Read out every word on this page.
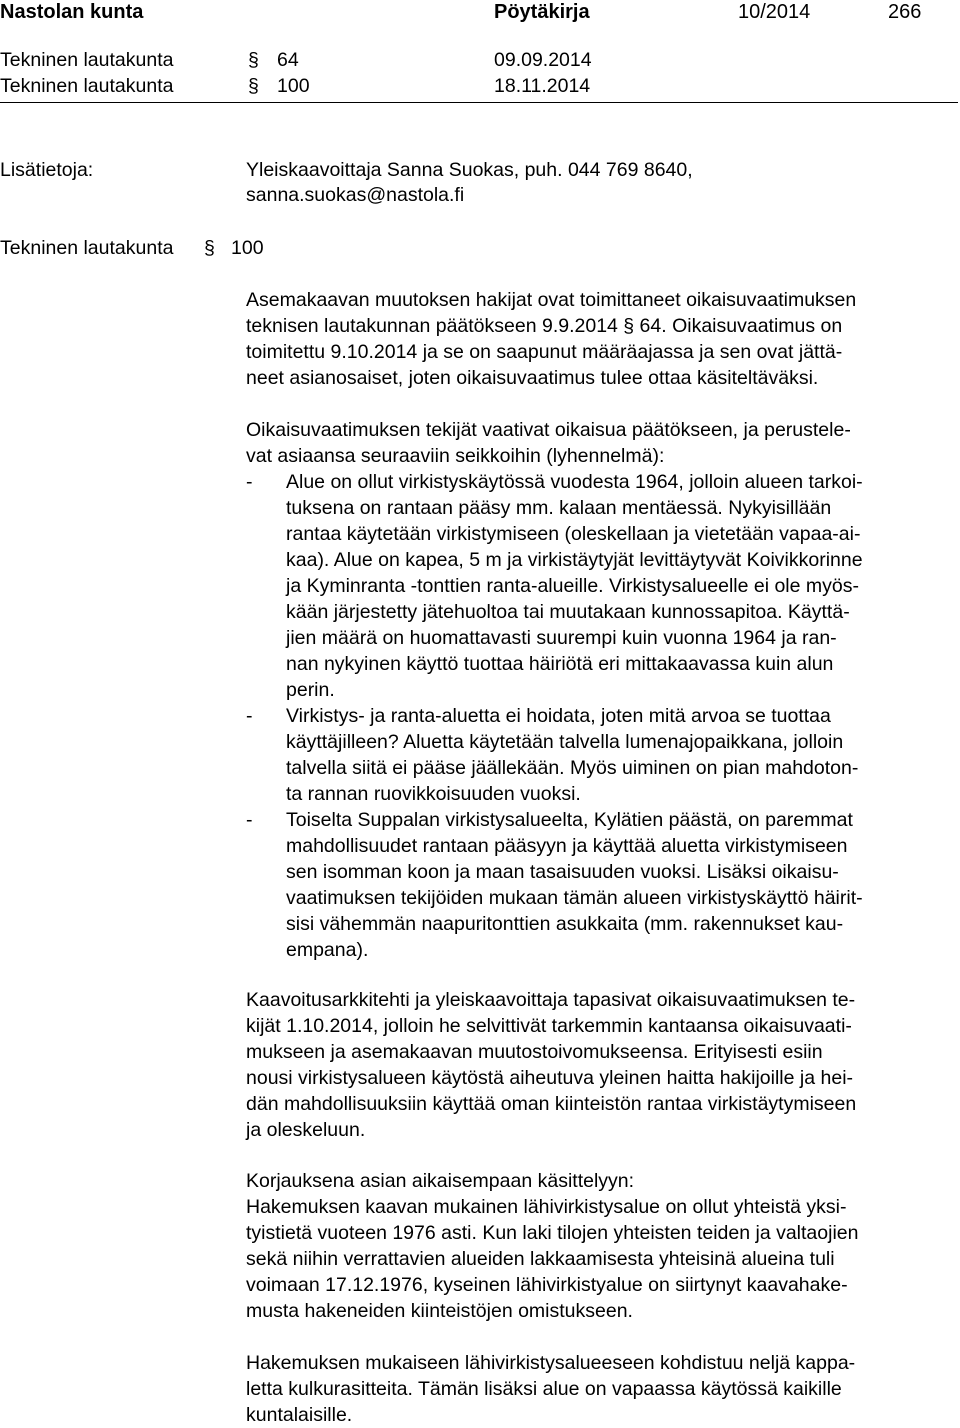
Nastolan kunta	Pöytäkirja	10/2014	266
Tekninen lautakunta	§ 64	09.09.2014
Tekninen lautakunta	§ 100	18.11.2014
Lisätietoja:	Yleiskaavoittaja Sanna Suokas, puh. 044 769 8640,
sanna.suokas@nastola.fi
Tekninen lautakunta § 100
Asemakaavan muutoksen hakijat ovat toimittaneet oikaisuvaatimuksen
teknisen lautakunnan päätökseen 9.9.2014 § 64. Oikaisuvaatimus on
toimitettu 9.10.2014 ja se on saapunut määräajassa ja sen ovat jättä-
neet asianosaiset, joten oikaisuvaatimus tulee ottaa käsiteltäväksi.
Oikaisuvaatimuksen tekijät vaativat oikaisua päätökseen, ja perustele-
vat asiaansa seuraaviin seikkoihin (lyhennelmä):
- Alue on ollut virkistyskäytössä vuodesta 1964, jolloin alueen tarkoi-
tuksena on rantaan pääsy mm. kalaan mentäessä. Nykyisillään
rantaa käytetään virkistymiseen (oleskellaan ja vietetään vapaa-ai-
kaa). Alue on kapea, 5 m ja virkistäytyjät levittäytyvät Koivikkorinne
ja Kyminranta -tonttien ranta-alueille. Virkistysalueelle ei ole myös-
kään järjestetty jätehuoltoa tai muutakaan kunnossapitoa. Käyttä-
jien määrä on huomattavasti suurempi kuin vuonna 1964 ja ran-
nan nykyinen käyttö tuottaa häiriötä eri mittakaavassa kuin alun
perin.
- Virkistys- ja ranta-aluetta ei hoidata, joten mitä arvoa se tuottaa
käyttäjilleen? Aluetta käytetään talvella lumenajopaikkana, jolloin
talvella siitä ei pääse jäällekään. Myös uiminen on pian mahdoton-
ta rannan ruovikkoisuuden vuoksi.
- Toiselta Suppalan virkistysalueelta, Kylätien päästä, on paremmat
mahdollisuudet rantaan pääsyyn ja käyttää aluetta virkistymiseen
sen isomman koon ja maan tasaisuuden vuoksi. Lisäksi oikaisu-
vaatimuksen tekijöiden mukaan tämän alueen virkistyskäyttö häirit-
sisi vähemmän naapuritonttien asukkaita (mm. rakennukset kau-
empana).
Kaavoitusarkkitehti ja yleiskaavoittaja tapasivat oikaisuvaatimuksen te-
kijät 1.10.2014, jolloin he selvittivät tarkemmin kantaansa oikaisuvaati-
mukseen ja asemakaavan muutostoivomukseensa. Erityisesti esiin
nousi virkistysalueen käytöstä aiheutuva yleinen haitta hakijoille ja hei-
dän mahdollisuuksiin käyttää oman kiinteistön rantaa virkistäytymiseen
ja oleskeluun.
Korjauksena asian aikaisempaan käsittelyyn:
Hakemuksen kaavan mukainen lähivirkistysalue on ollut yhteistä yksi-
tyistietä vuoteen 1976 asti. Kun laki tilojen yhteisten teiden ja valtaojien
sekä niihin verrattavien alueiden lakkaamisesta yhteisinä alueina tuli
voimaan 17.12.1976, kyseinen lähivirkistyalue on siirtynyt kaavahake-
musta hakeneiden kiinteistöjen omistukseen.
Hakemuksen mukaiseen lähivirkistysalueeseen kohdistuu neljä kappa-
letta kulkurasitteita. Tämän lisäksi alue on vapaassa käytössä kaikille
kuntalaisille.
